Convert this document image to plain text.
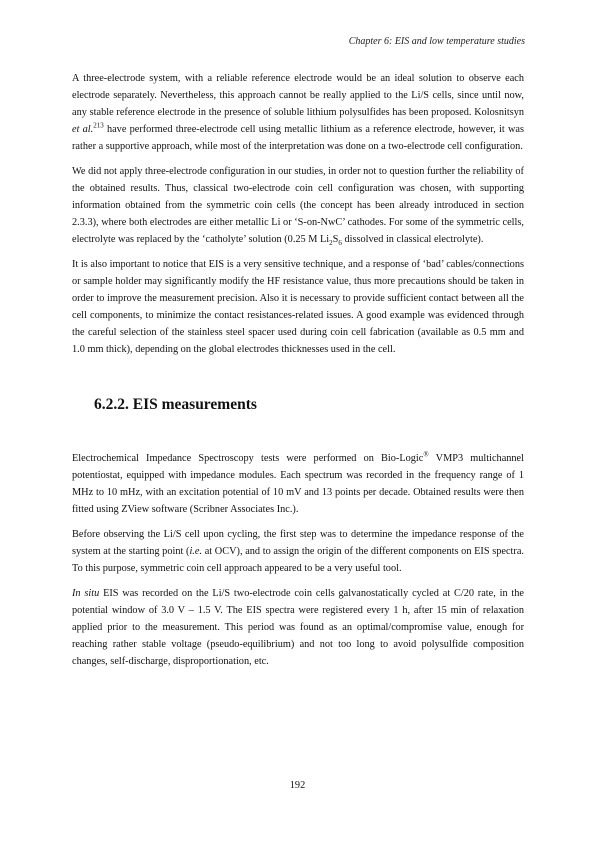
Chapter 6: EIS and low temperature studies

A three-electrode system, with a reliable reference electrode would be an ideal solution to observe each electrode separately. Nevertheless, this approach cannot be really applied to the Li/S cells, since until now, any stable reference electrode in the presence of soluble lithium polysulfides has been proposed. Kolosnitsyn et al.$^{213}$ have performed three-electrode cell using metallic lithium as a reference electrode, however, it was rather a supportive approach, while most of the interpretation was done on a two-electrode cell configuration.

We did not apply three-electrode configuration in our studies, in order not to question further the reliability of the obtained results. Thus, classical two-electrode coin cell configuration was chosen, with supporting information obtained from the symmetric coin cells (the concept has been already introduced in section 2.3.3), where both electrodes are either metallic Li or ‘S-on-NwC’ cathodes. For some of the symmetric cells, electrolyte was replaced by the ‘catholyte’ solution (0.25 M $Li_2S_6$ dissolved in classical electrolyte).

It is also important to notice that EIS is a very sensitive technique, and a response of ‘bad’ cables/connections or sample holder may significantly modify the HF resistance value, thus more precautions should be taken in order to improve the measurement precision. Also it is necessary to provide sufficient contact between all the cell components, to minimize the contact resistances-related issues. A good example was evidenced through the careful selection of the stainless steel spacer used during coin cell fabrication (available as 0.5 mm and 1.0 mm thick), depending on the global electrodes thicknesses used in the cell.

6.2.2. EIS measurements

Electrochemical Impedance Spectroscopy tests were performed on Bio-Logic® VMP3 multichannel potentiostat, equipped with impedance modules. Each spectrum was recorded in the frequency range of 1 MHz to 10 mHz, with an excitation potential of 10 mV and 13 points per decade. Obtained results were then fitted using ZView software (Scribner Associates Inc.).

Before observing the Li/S cell upon cycling, the first step was to determine the impedance response of the system at the starting point (i.e. at OCV), and to assign the origin of the different components on EIS spectra. To this purpose, symmetric coin cell approach appeared to be a very useful tool.

In situ EIS was recorded on the Li/S two-electrode coin cells galvanostatically cycled at C/20 rate, in the potential window of 3.0 V – 1.5 V. The EIS spectra were registered every 1 h, after 15 min of relaxation applied prior to the measurement. This period was found as an optimal/compromise value, enough for reaching rather stable voltage (pseudo-equilibrium) and not too long to avoid polysulfide composition changes, self-discharge, disproportionation, etc.

192
